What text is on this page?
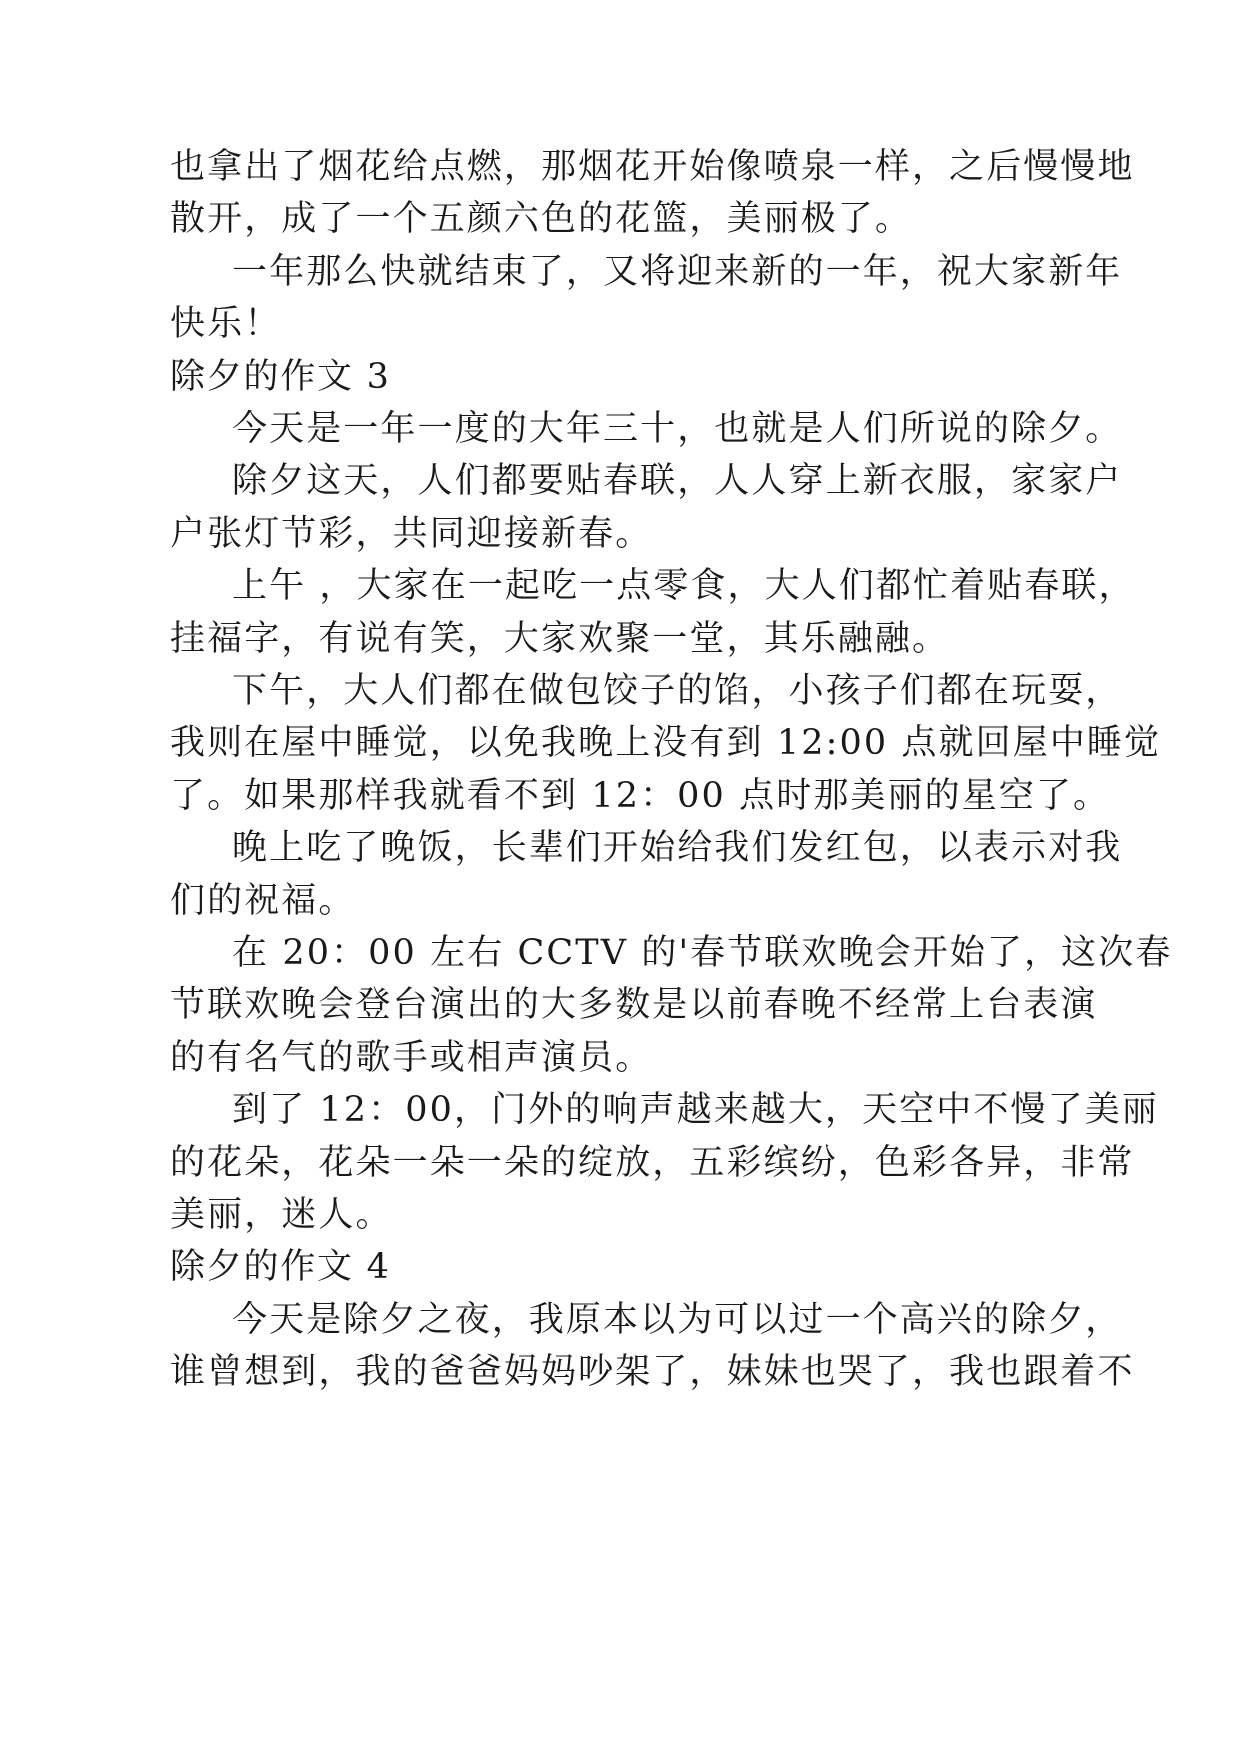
也拿出了烟花给点燃，那烟花开始像喷泉一样，之后慢慢地

散开，成了一个五颜六色的花篮，美丽极了。

一年那么快就结束了，又将迎来新的一年，祝大家新年

快乐！

除夕的作文 3

今天是一年一度的大年三十，也就是人们所说的除夕。

除夕这天，人们都要贴春联，人人穿上新衣服，家家户

户张灯节彩，共同迎接新春。

上午 ，大家在一起吃一点零食，大人们都忙着贴春联，

挂福字，有说有笑，大家欢聚一堂，其乐融融。

下午，大人们都在做包饺子的馅，小孩子们都在玩耍，

我则在屋中睡觉，以免我晚上没有到 12:00 点就回屋中睡觉

了。如果那样我就看不到 12：00 点时那美丽的星空了。

晚上吃了晚饭，长辈们开始给我们发红包，以表示对我

们的祝福。

在 20：00 左右 CCTV 的'春节联欢晚会开始了，这次春

节联欢晚会登台演出的大多数是以前春晚不经常上台表演

的有名气的歌手或相声演员。

到了 12：00，门外的响声越来越大，天空中不慢了美丽

的花朵，花朵一朵一朵的绽放，五彩缤纷，色彩各异，非常

美丽，迷人。

除夕的作文 4

今天是除夕之夜，我原本以为可以过一个高兴的除夕，

谁曾想到，我的爸爸妈妈吵架了，妹妹也哭了，我也跟着不
